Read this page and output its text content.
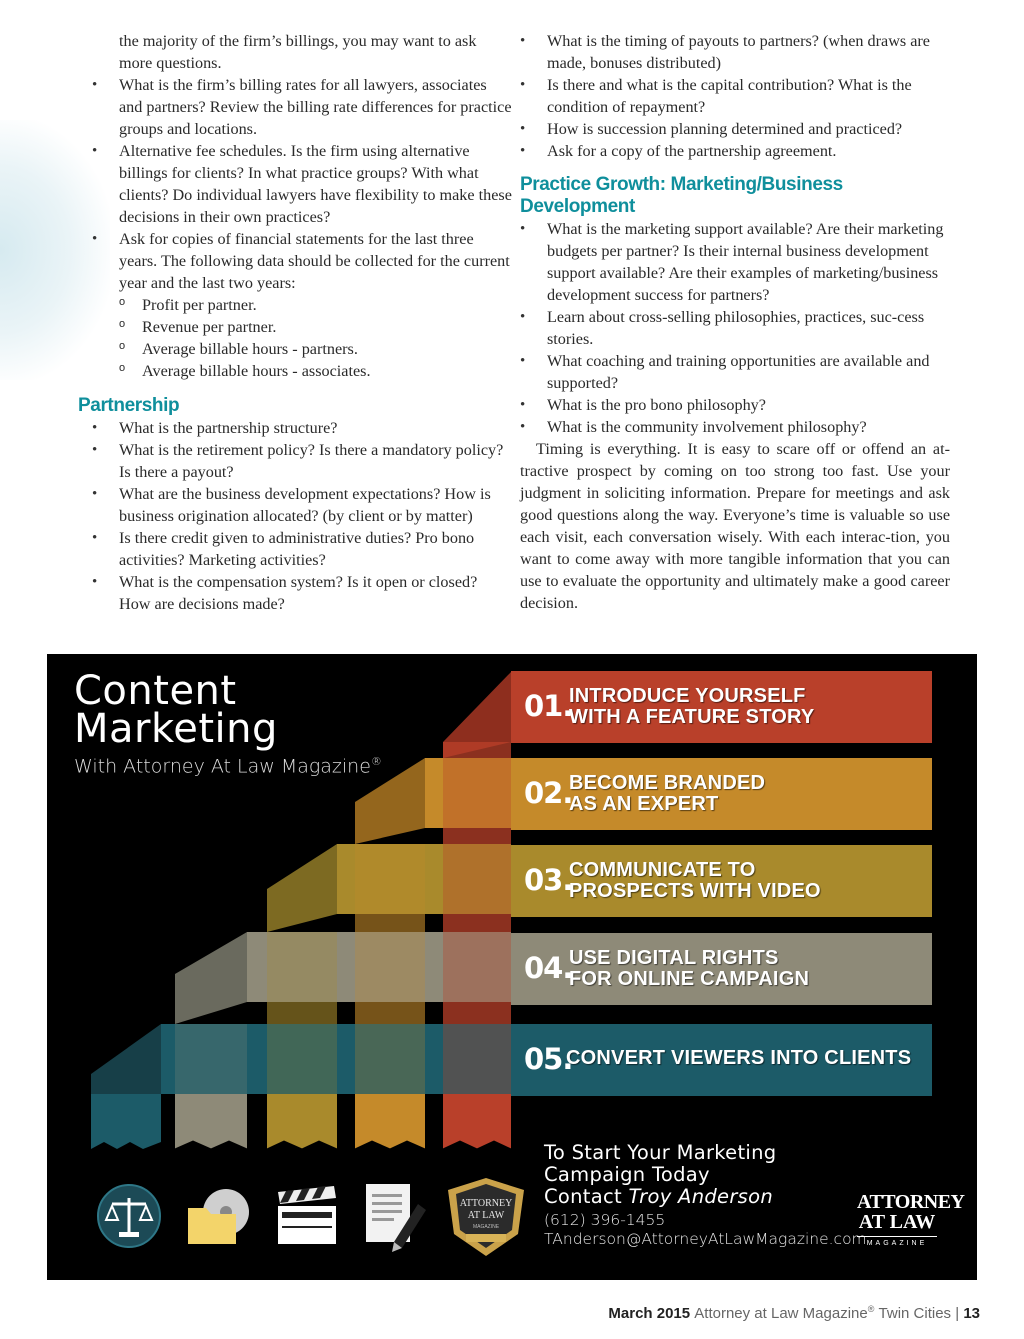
the majority of the firm’s billings, you may want to ask more questions.
• What is the firm’s billing rates for all lawyers, associates and partners? Review the billing rate differences for practice groups and locations.
• Alternative fee schedules. Is the firm using alternative billings for clients? In what practice groups? With what clients? Do individual lawyers have flexibility to make these decisions in their own practices?
• Ask for copies of financial statements for the last three years. The following data should be collected for the current year and the last two years:
o Profit per partner.
o Revenue per partner.
o Average billable hours - partners.
o Average billable hours - associates.
Partnership
• What is the partnership structure?
• What is the retirement policy? Is there a mandatory policy? Is there a payout?
• What are the business development expectations? How is business origination allocated? (by client or by matter)
• Is there credit given to administrative duties? Pro bono activities? Marketing activities?
• What is the compensation system? Is it open or closed? How are decisions made?
• What is the timing of payouts to partners? (when draws are made, bonuses distributed)
• Is there and what is the capital contribution? What is the condition of repayment?
• How is succession planning determined and practiced?
• Ask for a copy of the partnership agreement.
Practice Growth: Marketing/Business Development
• What is the marketing support available? Are their marketing budgets per partner? Is their internal business development support available? Are their examples of marketing/business development success for partners?
• Learn about cross-selling philosophies, practices, suc-cess stories.
• What coaching and training opportunities are available and supported?
• What is the pro bono philosophy?
• What is the community involvement philosophy?

Timing is everything. It is easy to scare off or offend an at-tractive prospect by coming on too strong too fast. Use your judgment in soliciting information. Prepare for meetings and ask good questions along the way. Everyone’s time is valuable so use each visit, each conversation wisely. With each interac-tion, you want to come away with more tangible information that you can use to evaluate the opportunity and ultimately make a good career decision.

Content
Marketing
With Attorney At Law Magazine®
01.
INTRODUCE YOURSELF
WITH A FEATURE STORY
02.
BECOME BRANDED
AS AN EXPERT
03.
COMMUNICATE TO
PROSPECTS WITH VIDEO
04.
USE DIGITAL RIGHTS
FOR ONLINE CAMPAIGN
05.
CONVERT VIEWERS INTO CLIENTS
ATTORNEY
AT LAW
MAGAZINE
To Start Your Marketing
Campaign Today
Contact Troy Anderson
(612) 396-1455
TAnderson@AttorneyAtLawMagazine.com
ATTORNEY
AT LAW
MAGAZINE
March 2015 Attorney at Law Magazine® Twin Cities | 13
